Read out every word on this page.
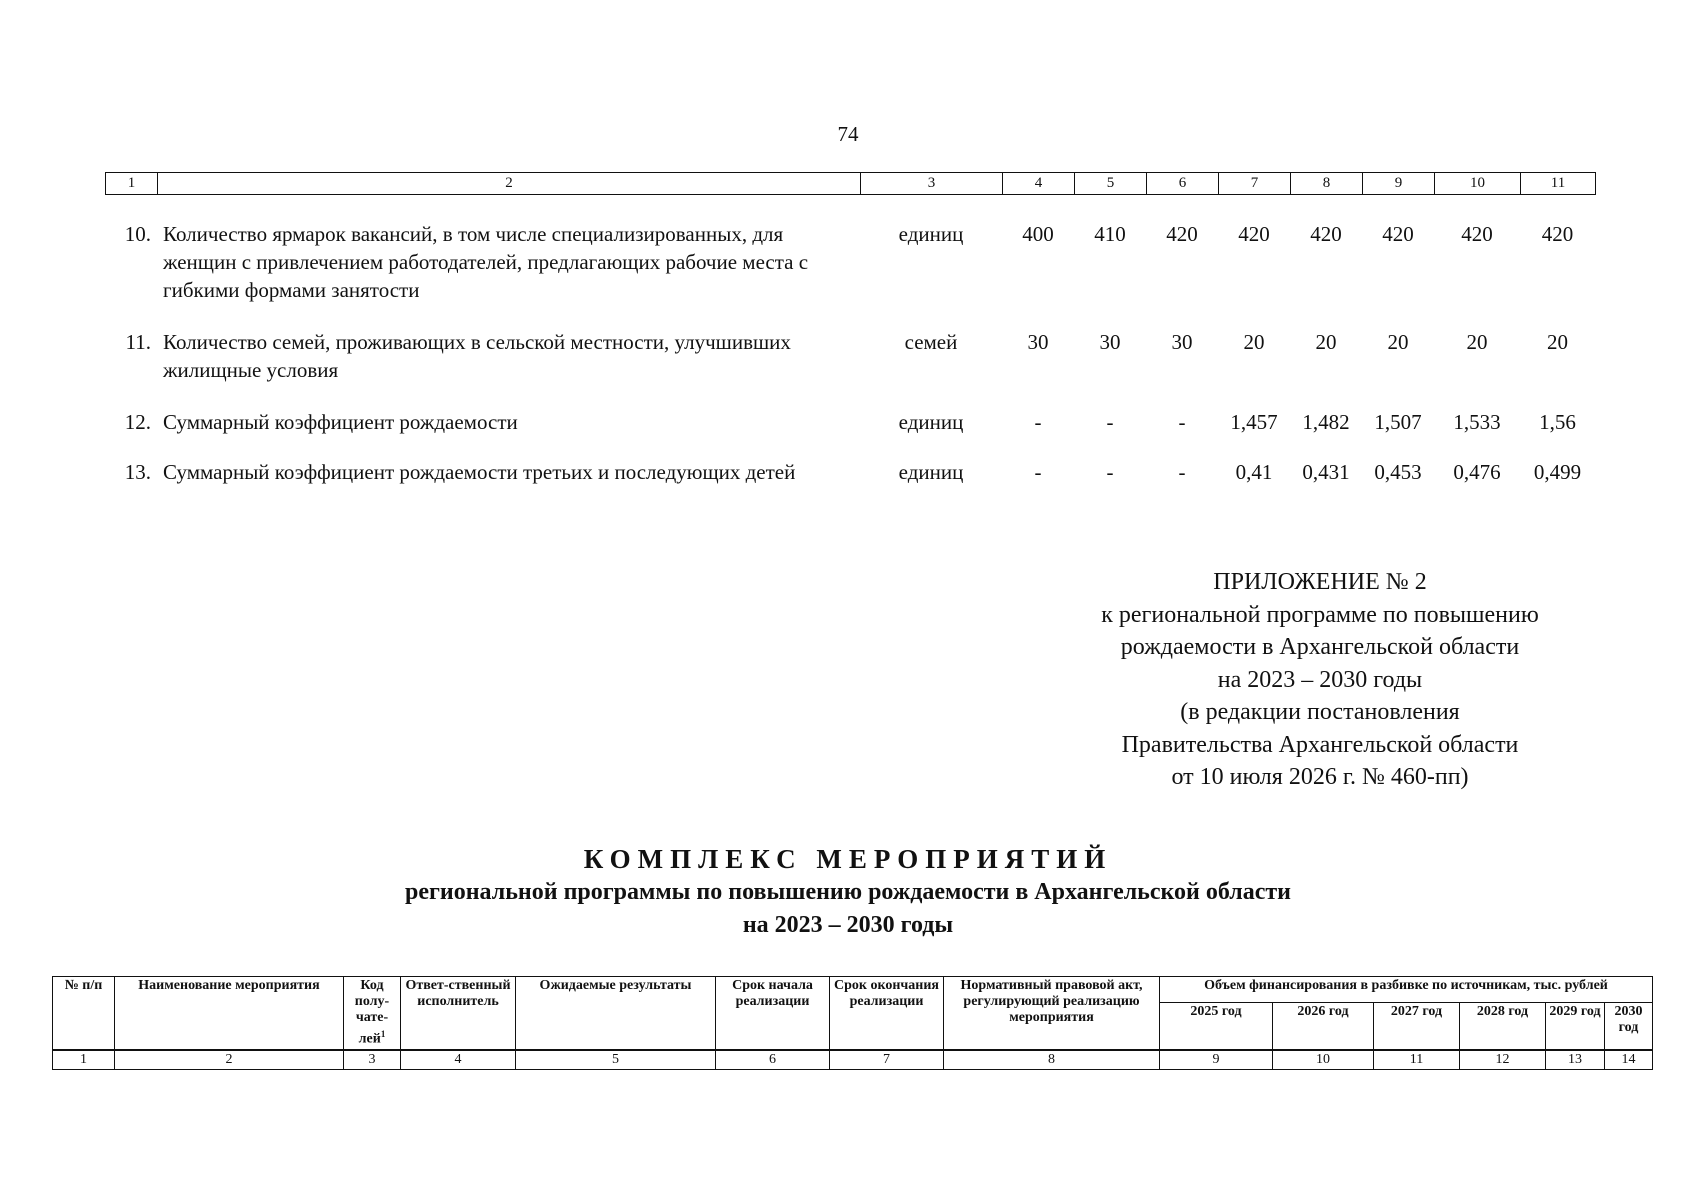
74
1	2	3	4	5	6	7	8	9	10	11
10.	Количество ярмарок вакансий, в том числе специализированных, для женщин с привлечением работодателей, предлагающих рабочие места с гибкими формами занятости	единиц	400	410	420	420	420	420	420	420
11.	Количество семей, проживающих в сельской местности, улучшивших жилищные условия	семей	30	30	30	20	20	20	20	20
12.	Суммарный коэффициент рождаемости	единиц	-	-	-	1,457	1,482	1,507	1,533	1,56
13.	Суммарный коэффициент рождаемости третьих и последующих детей	единиц	-	-	-	0,41	0,431	0,453	0,476	0,499
ПРИЛОЖЕНИЕ № 2
к региональной программе по повышению
рождаемости в Архангельской области
на 2023 – 2030 годы
(в редакции постановления
Правительства Архангельской области
от 10 июля 2026 г. № 460-пп)
КОМПЛЕКС МЕРОПРИЯТИЙ
региональной программы по повышению рождаемости в Архангельской области
на 2023 – 2030 годы
№ п/п	Наименование мероприятия	Код полу-чате-лей$^1$	Ответ-ственный исполнитель	Ожидаемые результаты	Срок начала реализации	Срок окончания реализации	Нормативный правовой акт, регулирующий реализацию мероприятия	Объем финансирования в разбивке по источникам, тыс. рублей					
								2025 год	2026 год	2027 год	2028 год	2029 год	2030 год
1	2	3	4	5	6	7	8	9	10	11	12	13	14
